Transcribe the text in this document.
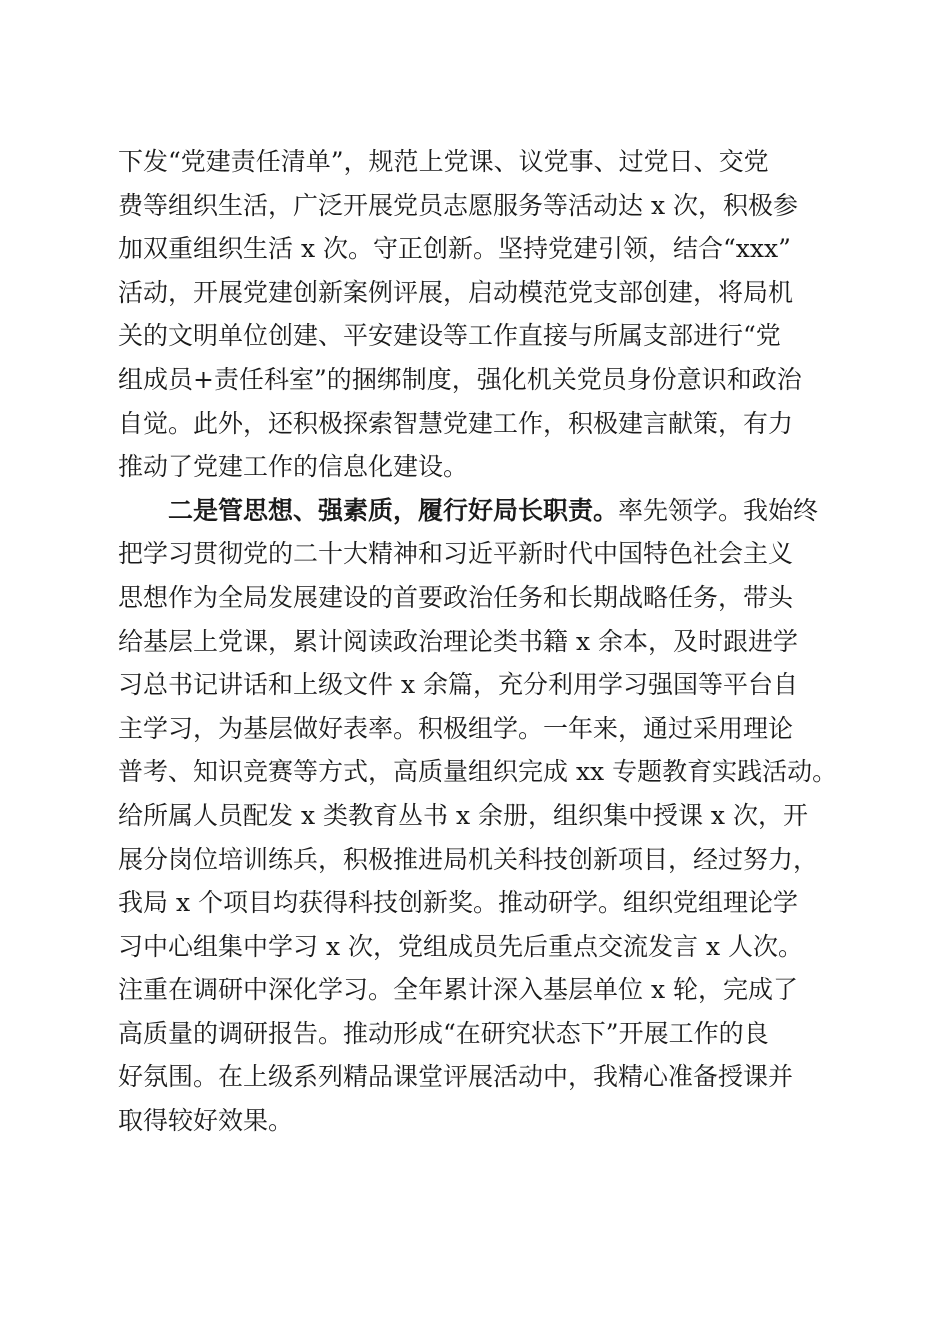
下发“党建责任清单”，规范上党课、议党事、过党日、交党
费等组织生活，广泛开展党员志愿服务等活动达 x 次，积极参
加双重组织生活 x 次。守正创新。坚持党建引领，结合“xxx”
活动，开展党建创新案例评展，启动模范党支部创建，将局机
关的文明单位创建、平安建设等工作直接与所属支部进行“党
组成员+责任科室”的捆绑制度，强化机关党员身份意识和政治
自觉。此外，还积极探索智慧党建工作，积极建言献策，有力
推动了党建工作的信息化建设。
二是管思想、强素质，履行好局长职责。率先领学。我始终
把学习贯彻党的二十大精神和习近平新时代中国特色社会主义
思想作为全局发展建设的首要政治任务和长期战略任务，带头
给基层上党课，累计阅读政治理论类书籍 x 余本，及时跟进学
习总书记讲话和上级文件 x 余篇，充分利用学习强国等平台自
主学习，为基层做好表率。积极组学。一年来，通过采用理论
普考、知识竞赛等方式，高质量组织完成 xx 专题教育实践活动。
给所属人员配发 x 类教育丛书 x 余册，组织集中授课 x 次，开
展分岗位培训练兵，积极推进局机关科技创新项目，经过努力，
我局 x 个项目均获得科技创新奖。推动研学。组织党组理论学
习中心组集中学习 x 次，党组成员先后重点交流发言 x 人次。
注重在调研中深化学习。全年累计深入基层单位 x 轮，完成了
高质量的调研报告。推动形成“在研究状态下”开展工作的良
好氛围。在上级系列精品课堂评展活动中，我精心准备授课并
取得较好效果。
